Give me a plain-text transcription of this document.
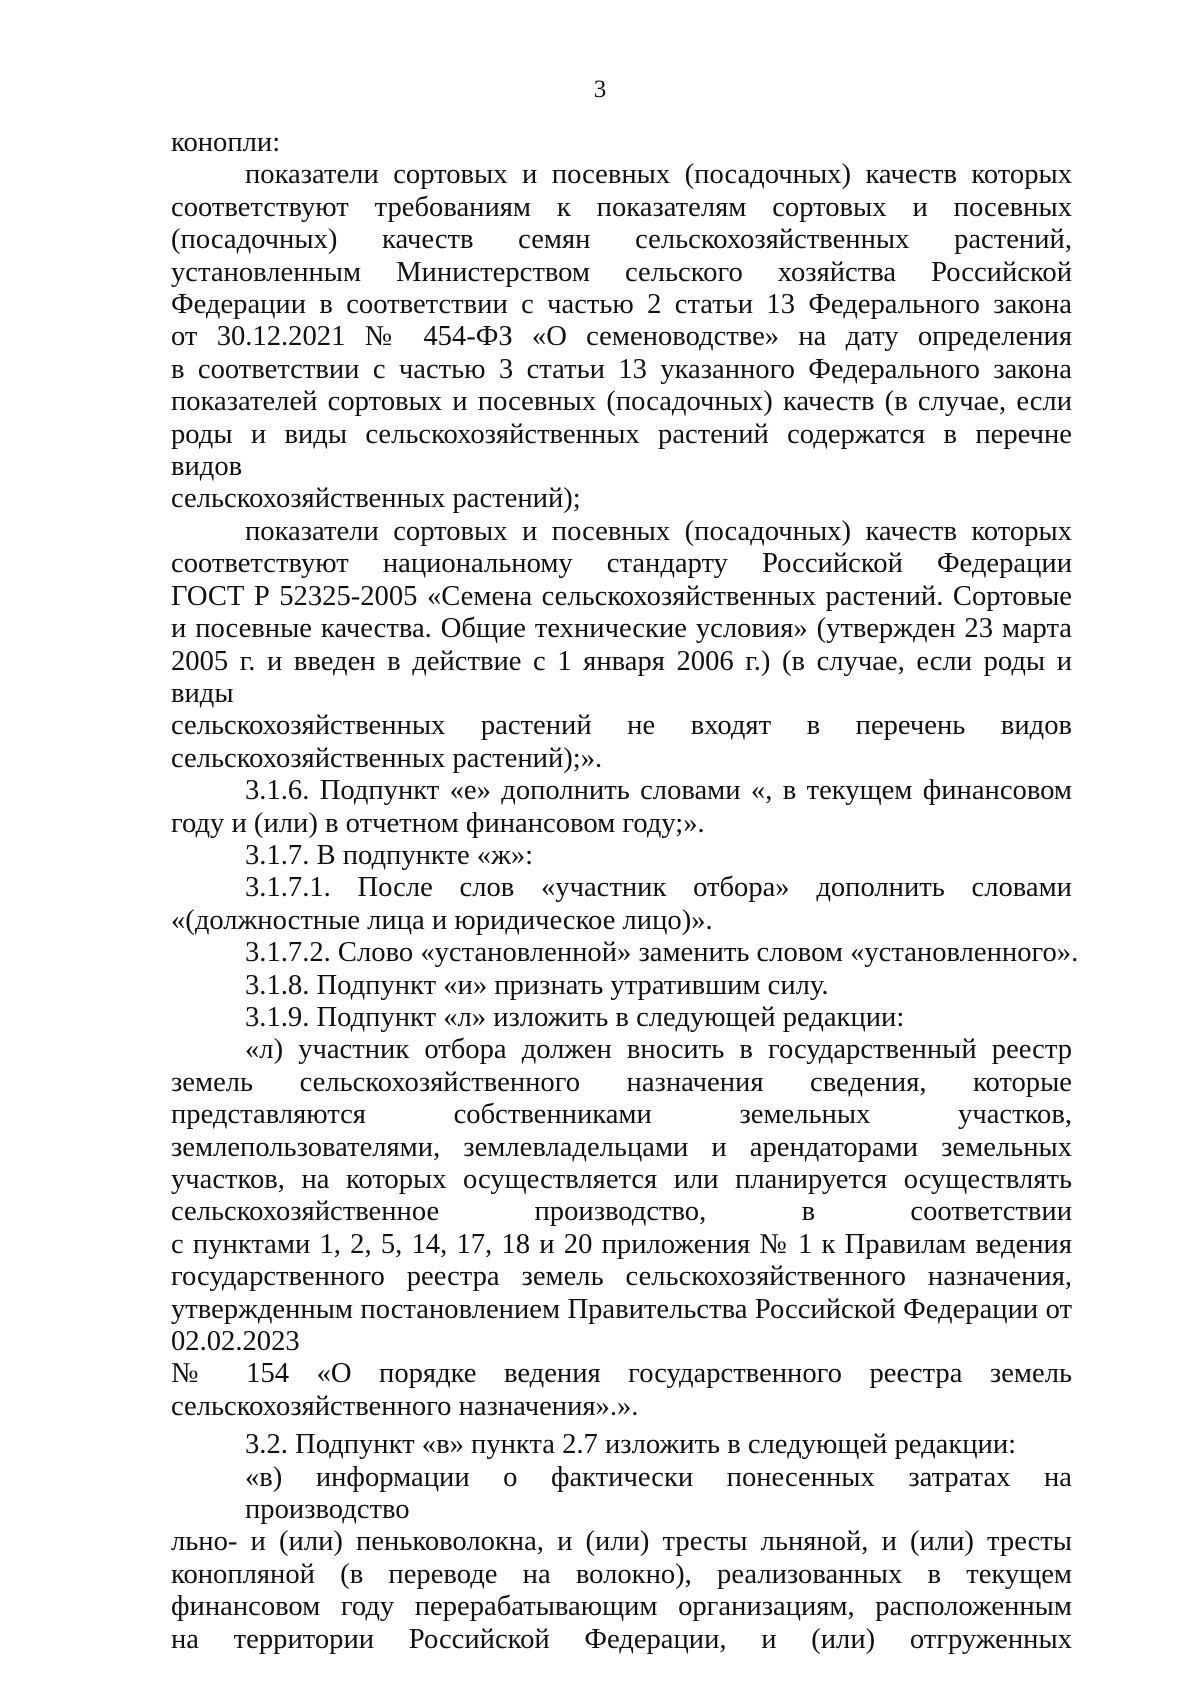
3

конопли:

показатели сортовых и посевных (посадочных) качеств которых
соответствуют требованиям к показателям сортовых и посевных
(посадочных) качеств семян сельскохозяйственных растений,
установленным Министерством сельского хозяйства Российской
Федерации в соответствии с частью 2 статьи 13 Федерального закона
от 30.12.2021 № 454-ФЗ «О семеноводстве» на дату определения
в соответствии с частью 3 статьи 13 указанного Федерального закона
показателей сортовых и посевных (посадочных) качеств (в случае, если
роды и виды сельскохозяйственных растений содержатся в перечне видов
сельскохозяйственных растений);

показатели сортовых и посевных (посадочных) качеств которых
соответствуют национальному стандарту Российской Федерации
ГОСТ Р 52325-2005 «Семена сельскохозяйственных растений. Сортовые
и посевные качества. Общие технические условия» (утвержден 23 марта
2005 г. и введен в действие с 1 января 2006 г.) (в случае, если роды и виды
сельскохозяйственных растений не входят в перечень видов
сельскохозяйственных растений);».

3.1.6. Подпункт «е» дополнить словами «, в текущем финансовом
году и (или) в отчетном финансовом году;».

3.1.7. В подпункте «ж»:

3.1.7.1. После слов «участник отбора» дополнить словами
«(должностные лица и юридическое лицо)».

3.1.7.2. Слово «установленной» заменить словом «установленного».

3.1.8. Подпункт «и» признать утратившим силу.

3.1.9. Подпункт «л» изложить в следующей редакции:

«л) участник отбора должен вносить в государственный реестр
земель сельскохозяйственного назначения сведения, которые
представляются собственниками земельных участков,
землепользователями, землевладельцами и арендаторами земельных
участков, на которых осуществляется или планируется осуществлять
сельскохозяйственное производство, в соответствии
с пунктами 1, 2, 5, 14, 17, 18 и 20 приложения № 1 к Правилам ведения
государственного реестра земель сельскохозяйственного назначения,
утвержденным постановлением Правительства Российской Федерации от
02.02.2023
№ 154 «О порядке ведения государственного реестра земель
сельскохозяйственного назначения».».

3.2. Подпункт «в» пункта 2.7 изложить в следующей редакции:

«в) информации о фактически понесенных затратах на производство
льно- и (или) пеньковолокна, и (или) тресты льняной, и (или) тресты
конопляной (в переводе на волокно), реализованных в текущем
финансовом году перерабатывающим организациям, расположенным
на территории Российской Федерации, и (или) отгруженных
